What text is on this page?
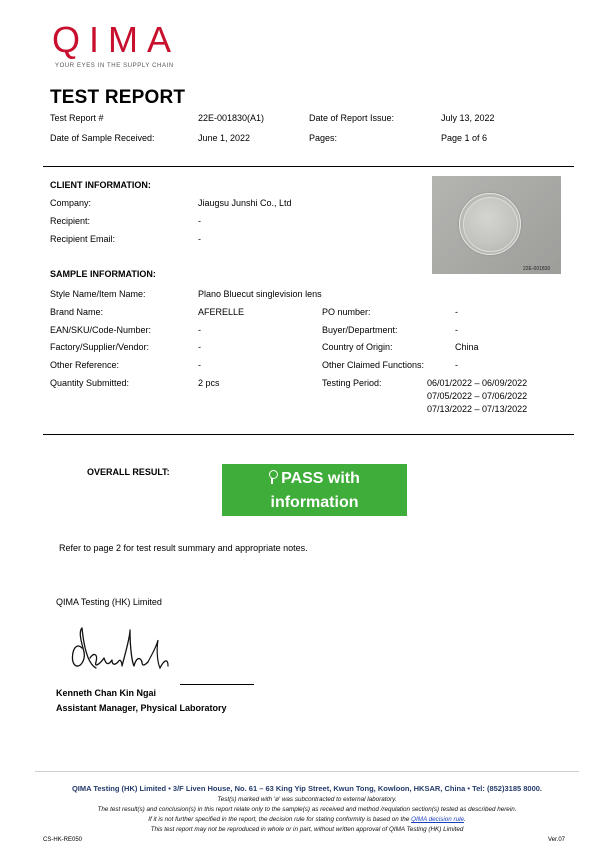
QIMA
YOUR EYES IN THE SUPPLY CHAIN
TEST REPORT
Test Report #	22E-001830(A1)	Date of Report Issue:	July 13, 2022
Date of Sample Received:	June 1, 2022	Pages:	Page 1 of 6
CLIENT INFORMATION:
Company:	Jiaugsu Junshi Co., Ltd
Recipient:	-
Recipient Email:	-
22E-001830
SAMPLE INFORMATION:
Style Name/Item Name:	Plano Bluecut singlevision lens
Brand Name:	AFERELLE	PO number:	-
EAN/SKU/Code-Number:	-	Buyer/Department:	-
Factory/Supplier/Vendor:	-	Country of Origin:	China
Other Reference:	-	Other Claimed Functions:	-
Quantity Submitted:	2 pcs	Testing Period:	06/01/2022 – 06/09/2022
07/05/2022 – 07/06/2022
07/13/2022 – 07/13/2022
OVERALL RESULT:	PASS with
information
Refer to page 2 for test result summary and appropriate notes.
QIMA Testing (HK) Limited
Kenneth Chan Kin Ngai
Assistant Manager, Physical Laboratory
QIMA Testing (HK) Limited • 3/F Liven House, No. 61 – 63 King Yip Street, Kwun Tong, Kowloon, HKSAR, China • Tel: (852)3185 8000.
Test(s) marked with 'ø' was subcontracted to external laboratory.
The test result(s) and conclusion(s) in this report relate only to the sample(s) as received and method /requlation section(s) tested as described herein.
If it is not further specified in the report, the decision rule for stating conformity is based on the QIMA decision rule.
This test report may not be reproduced in whole or in part, without written approval of QIMA Testing (HK) Limited
CS-HK-RE050	Ver.07
